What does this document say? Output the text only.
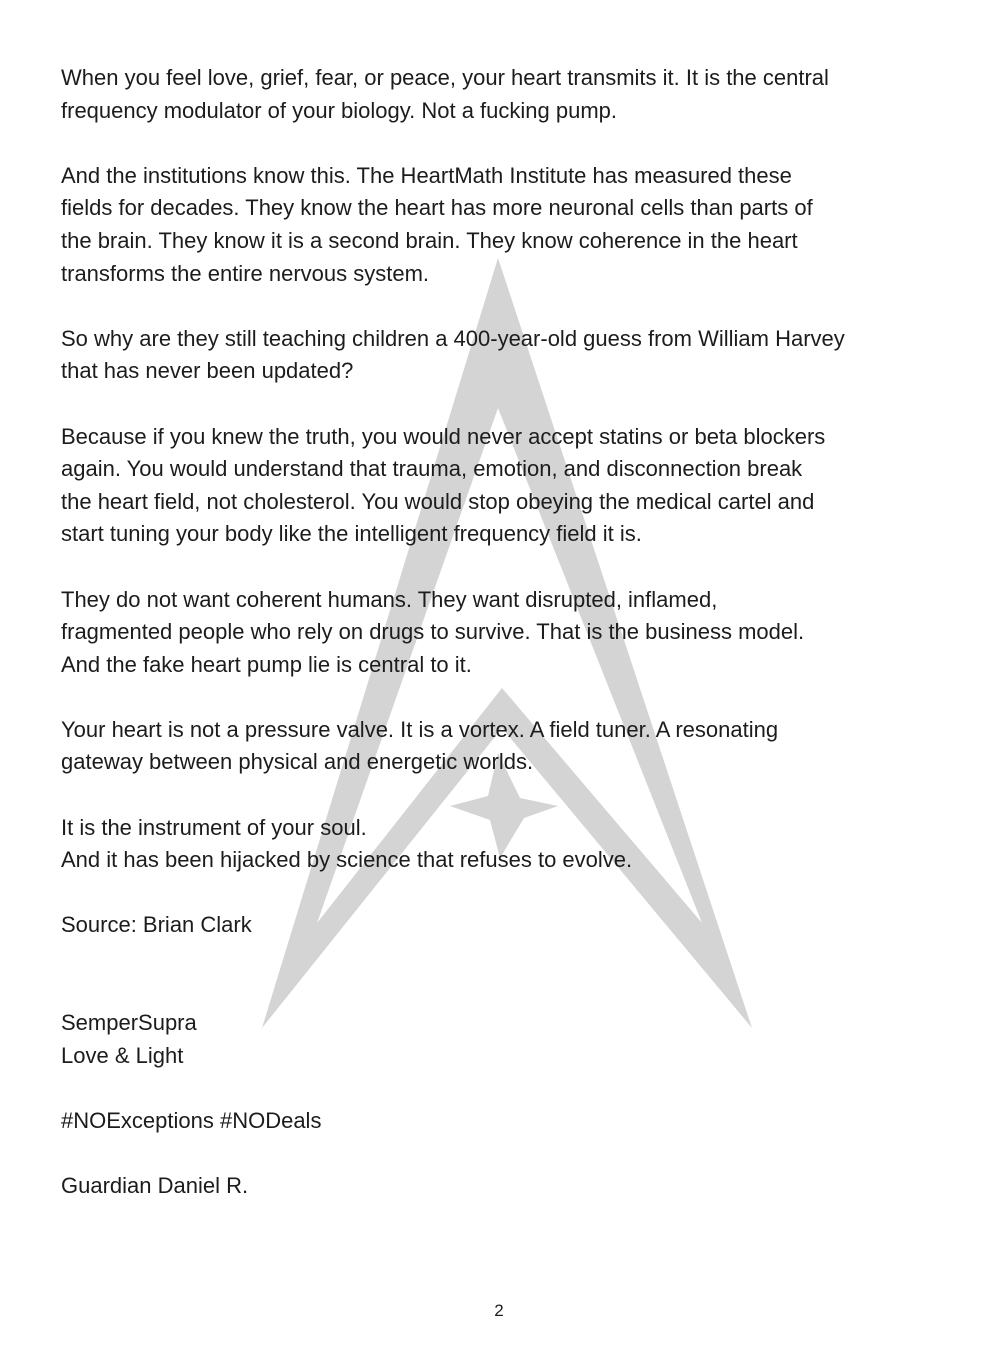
When you feel love, grief, fear, or peace, your heart transmits it. It is the central
frequency modulator of your biology. Not a fucking pump.

And the institutions know this. The HeartMath Institute has measured these
fields for decades. They know the heart has more neuronal cells than parts of
the brain. They know it is a second brain. They know coherence in the heart
transforms the entire nervous system.

So why are they still teaching children a 400-year-old guess from William Harvey
that has never been updated?

Because if you knew the truth, you would never accept statins or beta blockers
again. You would understand that trauma, emotion, and disconnection break
the heart field, not cholesterol. You would stop obeying the medical cartel and
start tuning your body like the intelligent frequency field it is.

They do not want coherent humans. They want disrupted, inflamed,
fragmented people who rely on drugs to survive. That is the business model.
And the fake heart pump lie is central to it.

Your heart is not a pressure valve. It is a vortex. A field tuner. A resonating
gateway between physical and energetic worlds.

It is the instrument of your soul.
And it has been hijacked by science that refuses to evolve.

Source: Brian Clark

SemperSupra

Love & Light

#NOExceptions #NODeals

Guardian Daniel R.

2
